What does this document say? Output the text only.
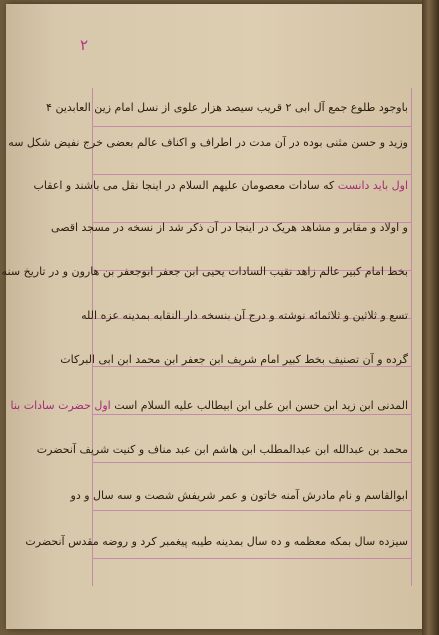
۲
باوجود طلوع جمع آل ابی ۲ قریب سیصد هزار علوی از نسل امام زین العابدین ۴
وزید و حسن مثنی بوده در آن مدت در اطراف و اکناف عالم بعضی خرج نفیض شکل سه
اول باید دانست که سادات معصومان علیهم السلام در اینجا نقل می باشند و اعقاب
و اولاد و مقابر و مشاهد هریک در اینجا در آن ذکر شد از نسخه در مسجد اقصی
بخط امام کبیر عالم زاهد نقیب السادات یحیی ابن جعفر ابوجعفر بن هارون و در تاریخ سنه
تسع و ثلاثین و ثلاثمائه نوشته و درج آن بنسخه دار النقابه بمدینه عزه الله
گرده و آن تصنیف بخط کبیر امام شریف ابن جعفر ابن محمد ابن ابی البرکات
المدنی ابن زید ابن حسن ابن علی ابن ابیطالب علیه السلام است اول حضرت سادات بنا
محمد بن عبدالله ابن عبدالمطلب ابن هاشم ابن عبد مناف و کنیت شریف آنحضرت
ابوالقاسم و نام مادرش آمنه خاتون و عمر شریفش شصت و سه سال و دو
سیزده سال بمکه معظمه و ده سال بمدینه طیبه پیغمبر کرد و روضه مقدس آنحضرت
